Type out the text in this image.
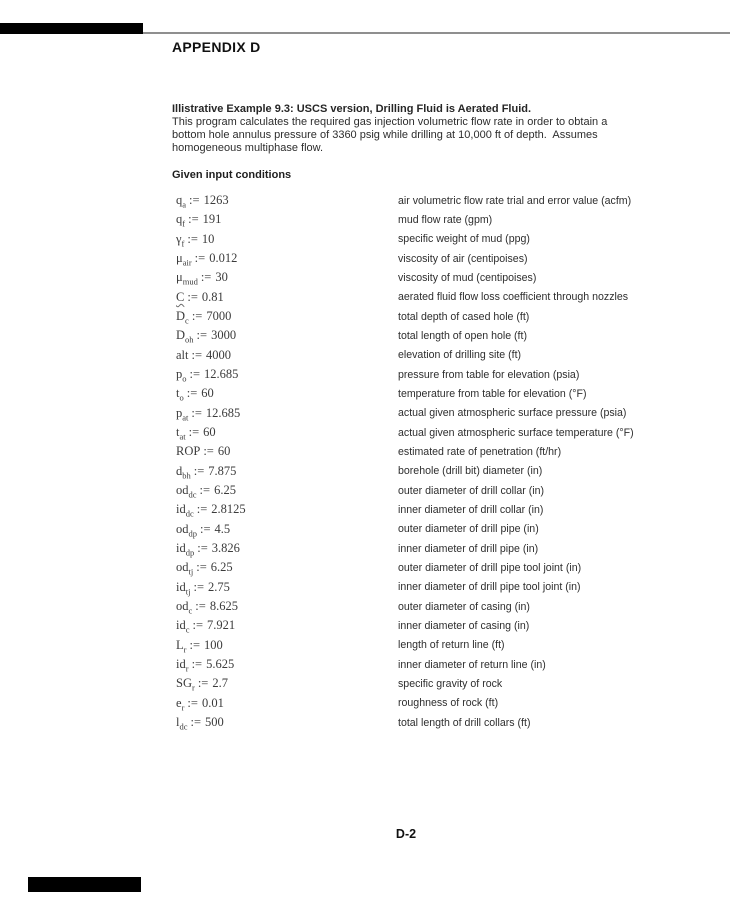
APPENDIX D
Illistrative Example 9.3: USCS version, Drilling Fluid is Aerated Fluid.
This program calculates the required gas injection volumetric flow rate in order to obtain a
bottom hole annulus pressure of 3360 psig while drilling at 10,000 ft of depth.  Assumes
homogeneous multiphase flow.
Given input conditions
$q_a$ := 1263	air volumetric flow rate trial and error value (acfm)
$q_f$ := 191	mud flow rate (gpm)
$\gamma_f$ := 10	specific weight of mud (ppg)
$\mu_{air}$ := 0.012	viscosity of air (centipoises)
$\mu_{mud}$ := 30	viscosity of mud (centipoises)
C := 0.81	aerated fluid flow loss coefficient through nozzles
$D_c$ := 7000	total depth of cased hole (ft)
$D_{oh}$ := 3000	total length of open hole (ft)
alt := 4000	elevation of drilling site (ft)
$p_o$ := 12.685	pressure from table for elevation (psia)
$t_o$ := 60	temperature from table for elevation (°F)
$p_{at}$ := 12.685	actual given atmospheric surface pressure (psia)
$t_{at}$ := 60	actual given atmospheric surface temperature (°F)
ROP := 60	estimated rate of penetration (ft/hr)
$d_{bh}$ := 7.875	borehole (drill bit) diameter (in)
$od_{dc}$ := 6.25	outer diameter of drill collar (in)
$id_{dc}$ := 2.8125	inner diameter of drill collar (in)
$od_{dp}$ := 4.5	outer diameter of drill pipe (in)
$id_{dp}$ := 3.826	inner diameter of drill pipe (in)
$od_{tj}$ := 6.25	outer diameter of drill pipe tool joint (in)
$id_{tj}$ := 2.75	inner diameter of drill pipe tool joint (in)
$od_c$ := 8.625	outer diameter of casing (in)
$id_c$ := 7.921	inner diameter of casing (in)
$L_r$ := 100	length of return line (ft)
$id_r$ := 5.625	inner diameter of return line (in)
$SG_r$ := 2.7	specific gravity of rock
$e_r$ := 0.01	roughness of rock (ft)
$l_{dc}$ := 500	total length of drill collars (ft)
D-2
